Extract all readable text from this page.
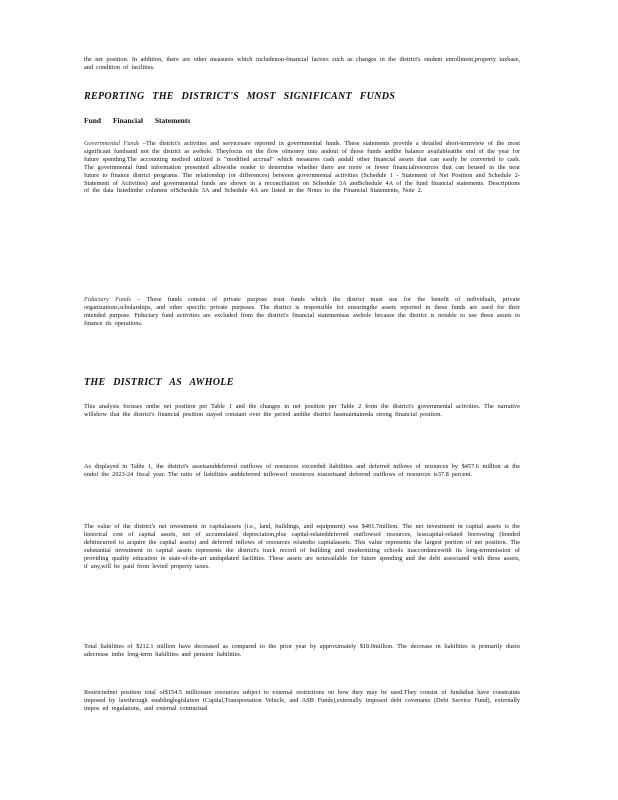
the net position. In addition, there are other measures which includenon-financial factors such as changes in the district's student enrollment,property taxbase, and condition of facilities.

REPORTING THE DISTRICT'S MOST SIGNIFICANT FUNDS
Fund Financial Statements

Governmental Funds –The district's activities and servicesare reported in governmental funds. These statements provide a detailed short-termview of the most significant fundsand not the district as awhole. Theyfocus on the flow ofmoney into andout of those funds andthe balance availableatthe end of the year for future spending.The accounting method utilized is "modified accrual" which measures cash andall other financial assets that can easily be converted to cash. The governmental fund information presented allowsthe reader to determine whether there are more or fewer financialresources that can beused in the near future to finance district programs. The relationship (or differences) between governmental activities (Schedule 1 - Statement of Net Position and Schedule 2- Statement of Activities) and governmental funds are shown in a reconciliation on Schedule 3A andSchedule 4A of the fund financial statements. Descriptions of the data listedinthe columns ofSchedule 3A and Schedule 4A are listed in the Notes to the Financial Statements, Note 2.

Fiduciary Funds – These funds consist of private purpose trust funds which the district must use for the benefit of individuals, private organizations,scholarships, and other specific private purposes. The district is responsible for ensuringthe assets reported in these funds are used for their intended purpose. Fiduciary fund activities are excluded from the district's financial statementsas awhole because the district is notable to use these assets to finance its operations.

THE DISTRICT AS AWHOLE

This analysis focuses onthe net position per Table 1 and the changes in net position per Table 2 from the district's governmental activities. The narrative willshow that the district's financial position stayed constant over the period andthe district hasmaintaineda strong financial position.

As displayed in Table 1, the district's assetsanddeferred outflows of resources exceeded liabilities and deferred inflows of resources by $457.6 million at the endof the 2023-24 fiscal year. The ratio of liabilities anddeferred inflowsof resources toassetsand deferred outflows of resources is37.8 percent.

The value of the district's net investment in capitalassets (i.e., land, buildings, and equipment) was $401.7million. The net investment in capital assets is the historical cost of capital assets, net of accumulated depreciation,plus capital-relateddeferred outflowsof resources, lesscapital-related borrowing (bonded debtincurred to acquire the capital assets) and deferred inflows of resources relatedto capitalassets. This value represents the largest portion of net position. The substantial investment in capital assets represents the district's track record of building and modernizing schools inaccordancewith its long-termmission of providing quality education in state-of-the-art andupdated facilities. These assets are notavailable for future spending and the debt associated with these assets, if any,will be paid from levied property taxes.

Total liabilities of $212.1 million have decreased as compared to the prior year by approximately $18.0million. The decrease in liabilities is primarily dueto adecrease inthe long-term liabilities and pension liabilities.

Restrictednet position total of$154.5 millionare resources subject to external restrictions on how they may be used.They consist of fundsthat have constraints imposed by lawthrough enablinglegislation (Capital,Transportation Vehicle, and ASB Funds),externally imposed debt covenants (Debt Service Fund), externally impos ed regulations, and external contractual
